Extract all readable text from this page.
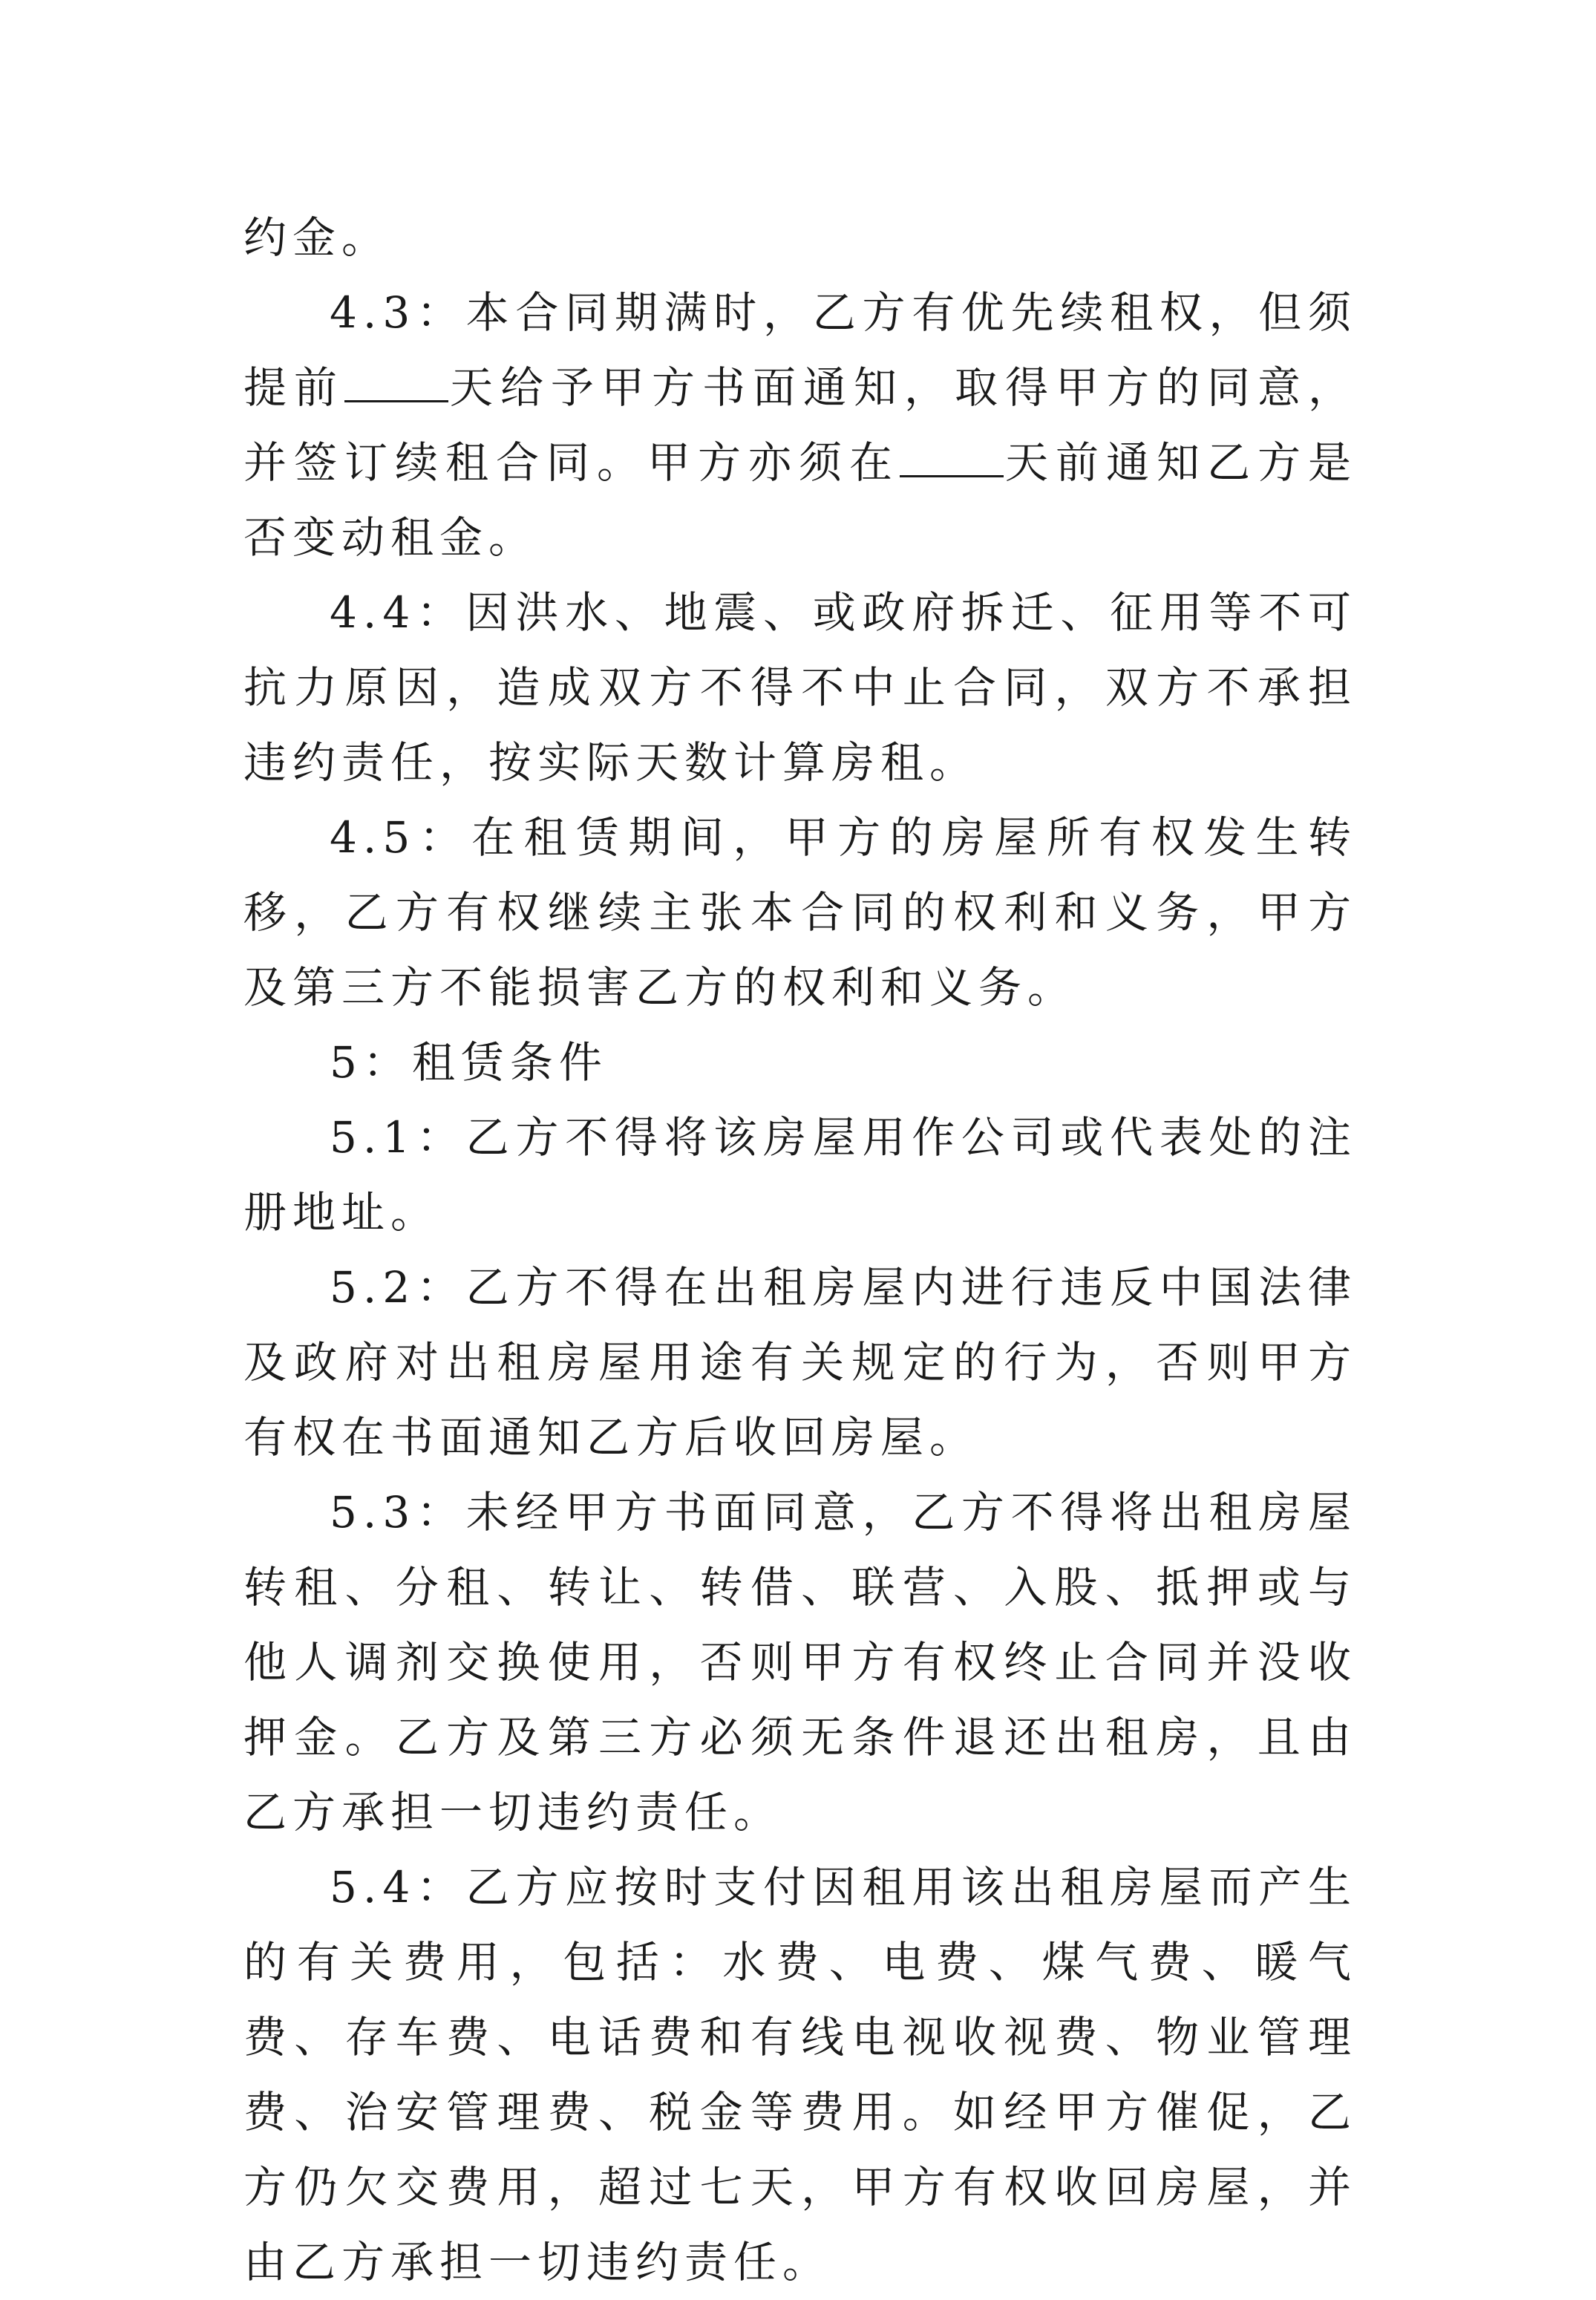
约金。

4.3：本合同期满时，乙方有优先续租权，但须提前 天给予甲方书面通知，取得甲方的同意，并签订续租合同。甲方亦须在 天前通知乙方是否变动租金。

4.4：因洪水、地震、或政府拆迁、征用等不可抗力原因，造成双方不得不中止合同，双方不承担违约责任，按实际天数计算房租。

4.5：在租赁期间，甲方的房屋所有权发生转移，乙方有权继续主张本合同的权利和义务，甲方及第三方不能损害乙方的权利和义务。

5：租赁条件

5.1：乙方不得将该房屋用作公司或代表处的注册地址。

5.2：乙方不得在出租房屋内进行违反中国法律及政府对出租房屋用途有关规定的行为，否则甲方有权在书面通知乙方后收回房屋。

5.3：未经甲方书面同意，乙方不得将出租房屋转租、分租、转让、转借、联营、入股、抵押或与他人调剂交换使用，否则甲方有权终止合同并没收押金。乙方及第三方必须无条件退还出租房，且由乙方承担一切违约责任。

5.4：乙方应按时支付因租用该出租房屋而产生的有关费用，包括：水费、电费、煤气费、暖气费、存车费、电话费和有线电视收视费、物业管理费、治安管理费、税金等费用。如经甲方催促，乙方仍欠交费用，超过七天，甲方有权收回房屋，并由乙方承担一切违约责任。
